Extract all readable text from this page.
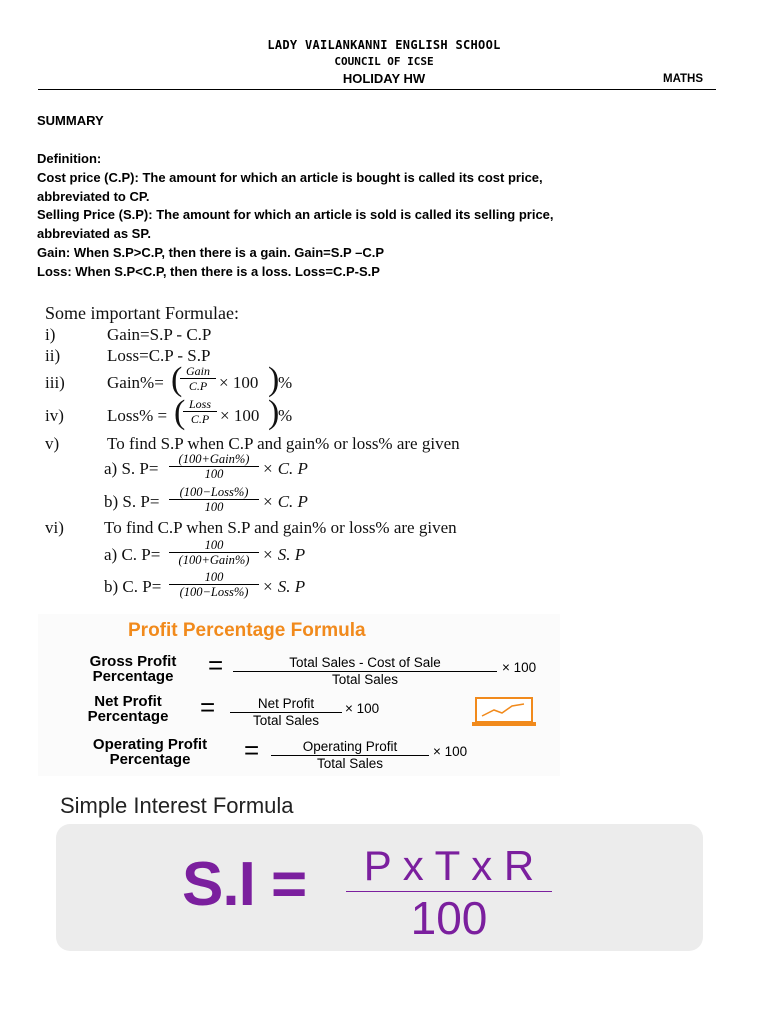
LADY VAILANKANNI ENGLISH SCHOOL
COUNCIL OF ICSE
HOLIDAY HW	MATHS
SUMMARY
Definition:
Cost price (C.P): The amount for which an article is bought is called its cost price,
abbreviated to CP.
Selling Price (S.P): The amount for which an article is sold is called its selling price,
abbreviated as SP.
Gain: When S.P>C.P, then there is a gain. Gain=S.P –C.P
Loss: When S.P<C.P, then there is a loss. Loss=C.P-S.P
Some important Formulae:
i)	Gain=S.P - C.P
ii)	Loss=C.P - S.P
iii) Gain%= ( Gain
C.P × 100 )
%
iv)	Loss% = ( Loss
C.P × 100 )
%
v)	To find S.P when C.P and gain% or loss% are given
a) S. P=	(100+Gain%)
100	× C. P
b) S. P=	(100−Loss%)
100	× C. P
vi) To find C.P when S.P and gain% or loss% are given
a) C. P=	100
(100+Gain%) × S. P
b) C. P=	100
(100−Loss%) × S. P
Profit Percentage Formula
Gross Profit
Percentage	=	Total Sales - Cost of Sale
Total Sales
× 100
Net Profit
Percentage	=	Net Profit
Total Sales
× 100
Operating Profit
Percentage	=	Operating Profit
Total Sales
× 100
Simple Interest Formula
S.I =	P x T x R
100
